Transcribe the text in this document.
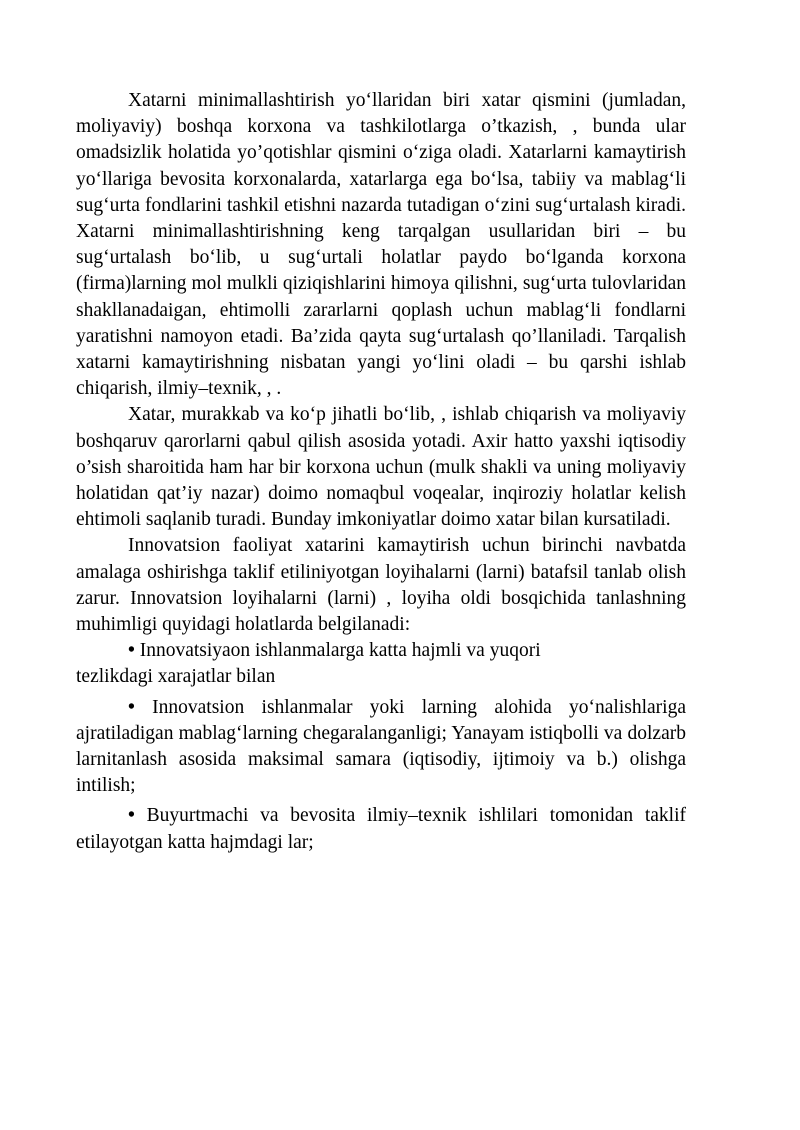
Xatarni minimallashtirish yo‘llaridan biri xatar qismini (jumladan, moliyaviy) boshqa korxona va tashkilotlarga o’tkazish, , bunda ular omadsizlik holatida yo’qotishlar qismini o‘ziga oladi. Xatarlarni kamaytirish yo‘llariga bevosita korxonalarda, xatarlarga ega bo‘lsa, tabiiy va mablag‘li sug‘urta fondlarini tashkil etishni nazarda tutadigan o‘zini sug‘urtalash kiradi. Xatarni minimallashtirishning keng tarqalgan usullaridan biri – bu sug‘urtalash bo‘lib, u sug‘urtali holatlar paydo bo‘lganda korxona (firma)larning mol mulkli qiziqishlarini himoya qilishni, sug‘urta tulovlaridan shakllanadaigan, ehtimolli zararlarni qoplash uchun mablag‘li fondlarni yaratishni namoyon etadi. Ba’zida qayta sug‘urtalash qo’llaniladi. Tarqalish xatarni kamaytirishning nisbatan yangi yo‘lini oladi – bu qarshi ishlab chiqarish, ilmiy–texnik, , .

Xatar, murakkab va ko‘p jihatli bo‘lib, , ishlab chiqarish va moliyaviy boshqaruv qarorlarni qabul qilish asosida yotadi. Axir hatto yaxshi iqtisodiy o’sish sharoitida ham har bir korxona uchun (mulk shakli va uning moliyaviy holatidan qat’iy nazar) doimo nomaqbul voqealar, inqiroziy holatlar kelish ehtimoli saqlanib turadi. Bunday imkoniyatlar doimo xatar bilan kursatiladi.

Innovatsion faoliyat xatarini kamaytirish uchun birinchi navbatda amalaga oshirishga taklif etiliniyotgan loyihalarni (larni) batafsil tanlab olish zarur. Innovatsion loyihalarni (larni) , loyiha oldi bosqichida tanlashning muhimligi quyidagi holatlarda belgilanadi:

• Innovatsiyaon ishlanmalarga katta hajmli va yuqori

tezlikdagi xarajatlar bilan

• Innovatsion ishlanmalar yoki larning alohida yo‘nalishlariga ajratiladigan mablag‘larning chegaralanganligi; Yanayam istiqbolli va dolzarb larnitanlash asosida maksimal samara (iqtisodiy, ijtimoiy va b.) olishga intilish;

• Buyurtmachi va bevosita ilmiy–texnik ishlilari tomonidan taklif etilayotgan katta hajmdagi lar;
